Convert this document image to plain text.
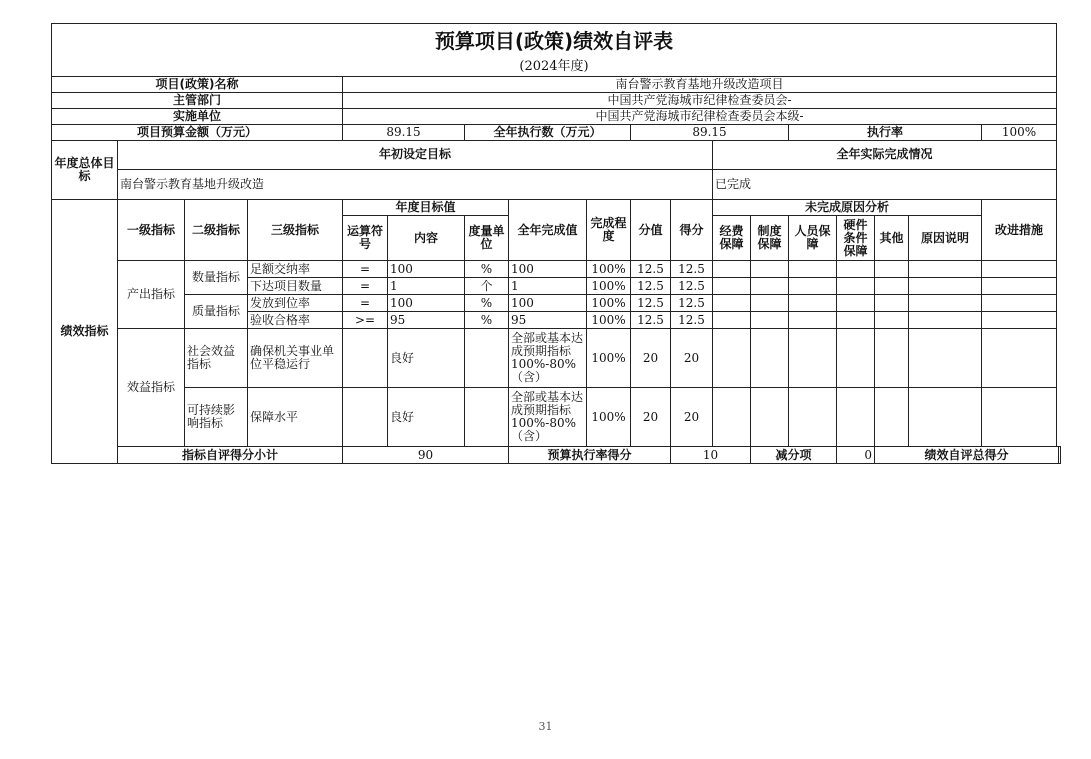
预算项目(政策)绩效自评表																		
(2024年度)																		
项目(政策)名称				南台警示教育基地升级改造项目														
主管部门				中国共产党海城市纪律检查委员会-														
实施单位				中国共产党海城市纪律检查委员会本级-														
项目预算金额（万元）				89.15		全年执行数（万元）			89.15				执行率				100%	
年度总体目标	年初设定目标										全年实际完成情况							
	南台警示教育基地升级改造										已完成							
绩效指标	一级指标	二级指标	三级指标	年度目标值			全年完成值	完成程度	分值	得分	未完成原因分析						改进措施	
				运算符号	内容	度量单位					经费保障	制度保障	人员保障	硬件条件保障	其他	原因说明		
	产出指标	数量指标	足额交纳率	=	100	%	100	100%	12.5	12.5								
			下达项目数量	=	1	个	1	100%	12.5	12.5								
		质量指标	发放到位率	=	100	%	100	100%	12.5	12.5								
			验收合格率	>=	95	%	95	100%	12.5	12.5								
	效益指标	社会效益指标	确保机关事业单位平稳运行		良好		全部或基本达成预期指标100%-80%（含）	100%	20	20								
		可持续影响指标	保障水平		良好		全部或基本达成预期指标100%-80%（含）	100%	20	20								
	指标自评得分小计			90			预算执行率得分			10		减分项		0	绩效自评总得分	
31
